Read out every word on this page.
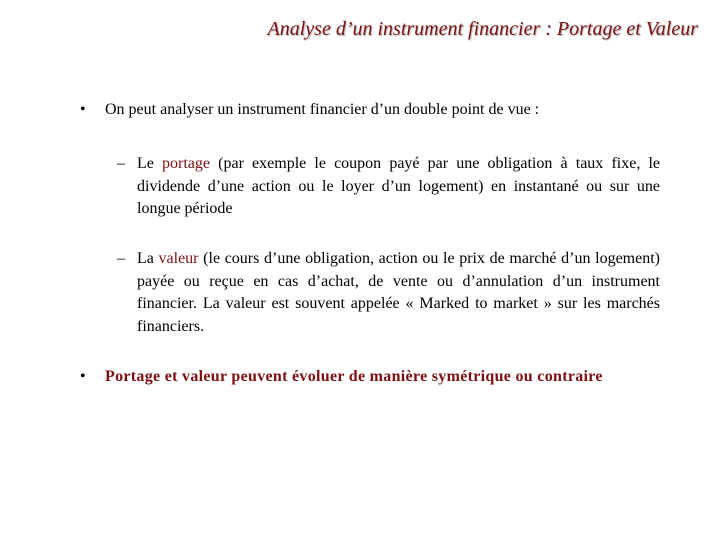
Analyse d’un instrument financier : Portage et Valeur
•	On peut analyser un instrument financier d’un double point de vue :
– Le portage (par exemple le coupon payé par une obligation à taux fixe, le dividende d’une action ou le loyer d’un logement) en instantané ou sur une longue période
– La valeur (le cours d’une obligation, action ou le prix de marché d’un logement) payée ou reçue en cas d’achat, de vente ou d’annulation d’un instrument financier. La valeur est souvent appelée « Marked to market » sur les marchés financiers.
•	Portage et valeur peuvent évoluer de manière symétrique ou contraire
